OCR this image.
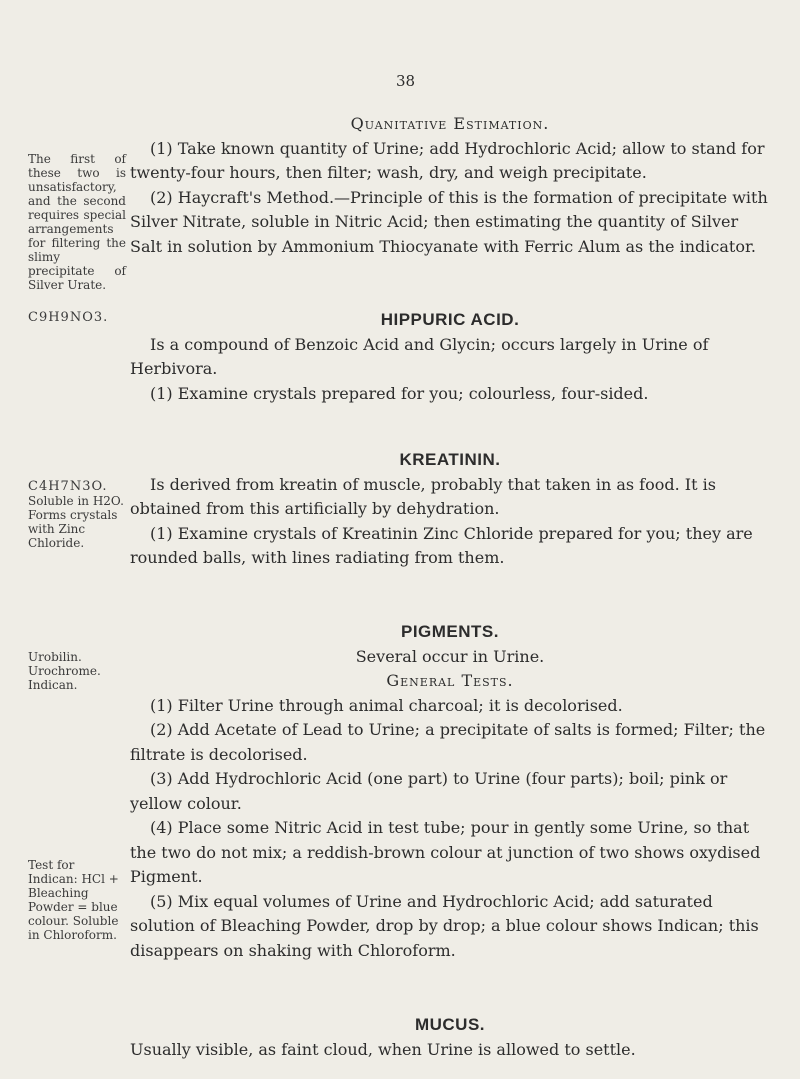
38
The first of these two is unsatisfactory, and the second requires special arrangements for filtering the slimy precipitate of Silver Urate.
C9H9NO3.
C4H7N3O.
Soluble in H2O.
Forms crystals with Zinc Chloride.
Urobilin.
Urochrome.
Indican.
Test for Indican: HCl + Bleaching Powder = blue colour. Soluble in Chloroform.

Quanitative Estimation.

(1) Take known quantity of Urine; add Hydrochloric Acid; allow to stand for twenty-four hours, then filter; wash, dry, and weigh precipitate.

(2) Haycraft's Method.—Principle of this is the formation of precipitate with Silver Nitrate, soluble in Nitric Acid; then estimating the quantity of Silver Salt in solution by Ammonium Thiocyanate with Ferric Alum as the indicator.

HIPPURIC ACID.

Is a compound of Benzoic Acid and Glycin; occurs largely in Urine of Herbivora.

(1) Examine crystals prepared for you; colourless, four-sided.

KREATININ.

Is derived from kreatin of muscle, probably that taken in as food. It is obtained from this artificially by dehydration.

(1) Examine crystals of Kreatinin Zinc Chloride prepared for you; they are rounded balls, with lines radiating from them.

PIGMENTS.

Several occur in Urine.

General Tests.

(1) Filter Urine through animal charcoal; it is decolorised.

(2) Add Acetate of Lead to Urine; a precipitate of salts is formed; Filter; the filtrate is decolorised.

(3) Add Hydrochloric Acid (one part) to Urine (four parts); boil; pink or yellow colour.

(4) Place some Nitric Acid in test tube; pour in gently some Urine, so that the two do not mix; a reddish-brown colour at junction of two shows oxydised Pigment.

(5) Mix equal volumes of Urine and Hydrochloric Acid; add saturated solution of Bleaching Powder, drop by drop; a blue colour shows Indican; this disappears on shaking with Chloroform.

MUCUS.

Usually visible, as faint cloud, when Urine is allowed to settle.
